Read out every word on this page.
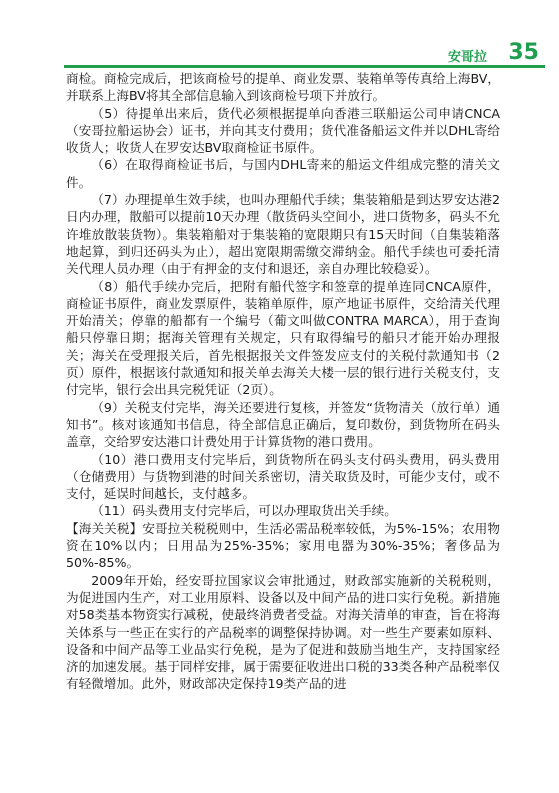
安哥拉 35

商检。商检完成后，把该商检号的提单、商业发票、装箱单等传真给上海BV，并联系上海BV将其全部信息输入到该商检号项下并放行。

（5）待提单出来后，货代必须根据提单向香港三联船运公司申请CNCA（安哥拉船运协会）证书，并向其支付费用；货代准备船运文件并以DHL寄给收货人；收货人在罗安达BV取商检证书原件。

（6）在取得商检证书后，与国内DHL寄来的船运文件组成完整的清关文件。

（7）办理提单生效手续，也叫办理船代手续；集装箱船是到达罗安达港2日内办理，散船可以提前10天办理（散货码头空间小，进口货物多，码头不允许堆放散装货物）。集装箱船对于集装箱的宽限期只有15天时间（自集装箱落地起算，到归还码头为止），超出宽限期需缴交滞纳金。船代手续也可委托清关代理人员办理（由于有押金的支付和退还，亲自办理比较稳妥）。

（8）船代手续办完后，把附有船代签字和签章的提单连同CNCA原件，商检证书原件，商业发票原件，装箱单原件，原产地证书原件，交给清关代理开始清关；停靠的船都有一个编号（葡文叫做CONTRA MARCA），用于查询船只停靠日期；据海关管理有关规定，只有取得编号的船只才能开始办理报关；海关在受理报关后，首先根据报关文件签发应支付的关税付款通知书（2页）原件，根据该付款通知和报关单去海关大楼一层的银行进行关税支付，支付完毕，银行会出具完税凭证（2页）。

（9）关税支付完毕，海关还要进行复核，并签发“货物清关（放行单）通知书”。核对该通知书信息，待全部信息正确后，复印数份，到货物所在码头盖章，交给罗安达港口计费处用于计算货物的港口费用。

（10）港口费用支付完毕后，到货物所在码头支付码头费用，码头费用（仓储费用）与货物到港的时间关系密切，清关取货及时，可能少支付，或不支付，延误时间越长，支付越多。

（11）码头费用支付完毕后，可以办理取货出关手续。

【海关关税】安哥拉关税税则中，生活必需品税率较低，为5%-15%；农用物资在10%以内；日用品为25%-35%；家用电器为30%-35%；奢侈品为50%-85%。

2009年开始，经安哥拉国家议会审批通过，财政部实施新的关税税则，为促进国内生产，对工业用原料、设备以及中间产品的进口实行免税。新措施对58类基本物资实行减税，使最终消费者受益。对海关清单的审查，旨在将海关体系与一些正在实行的产品税率的调整保持协调。对一些生产要素如原料、设备和中间产品等工业品实行免税，是为了促进和鼓励当地生产，支持国家经济的加速发展。基于同样安排，属于需要征收进出口税的33类各种产品税率仅有轻微增加。此外，财政部决定保持19类产品的进
